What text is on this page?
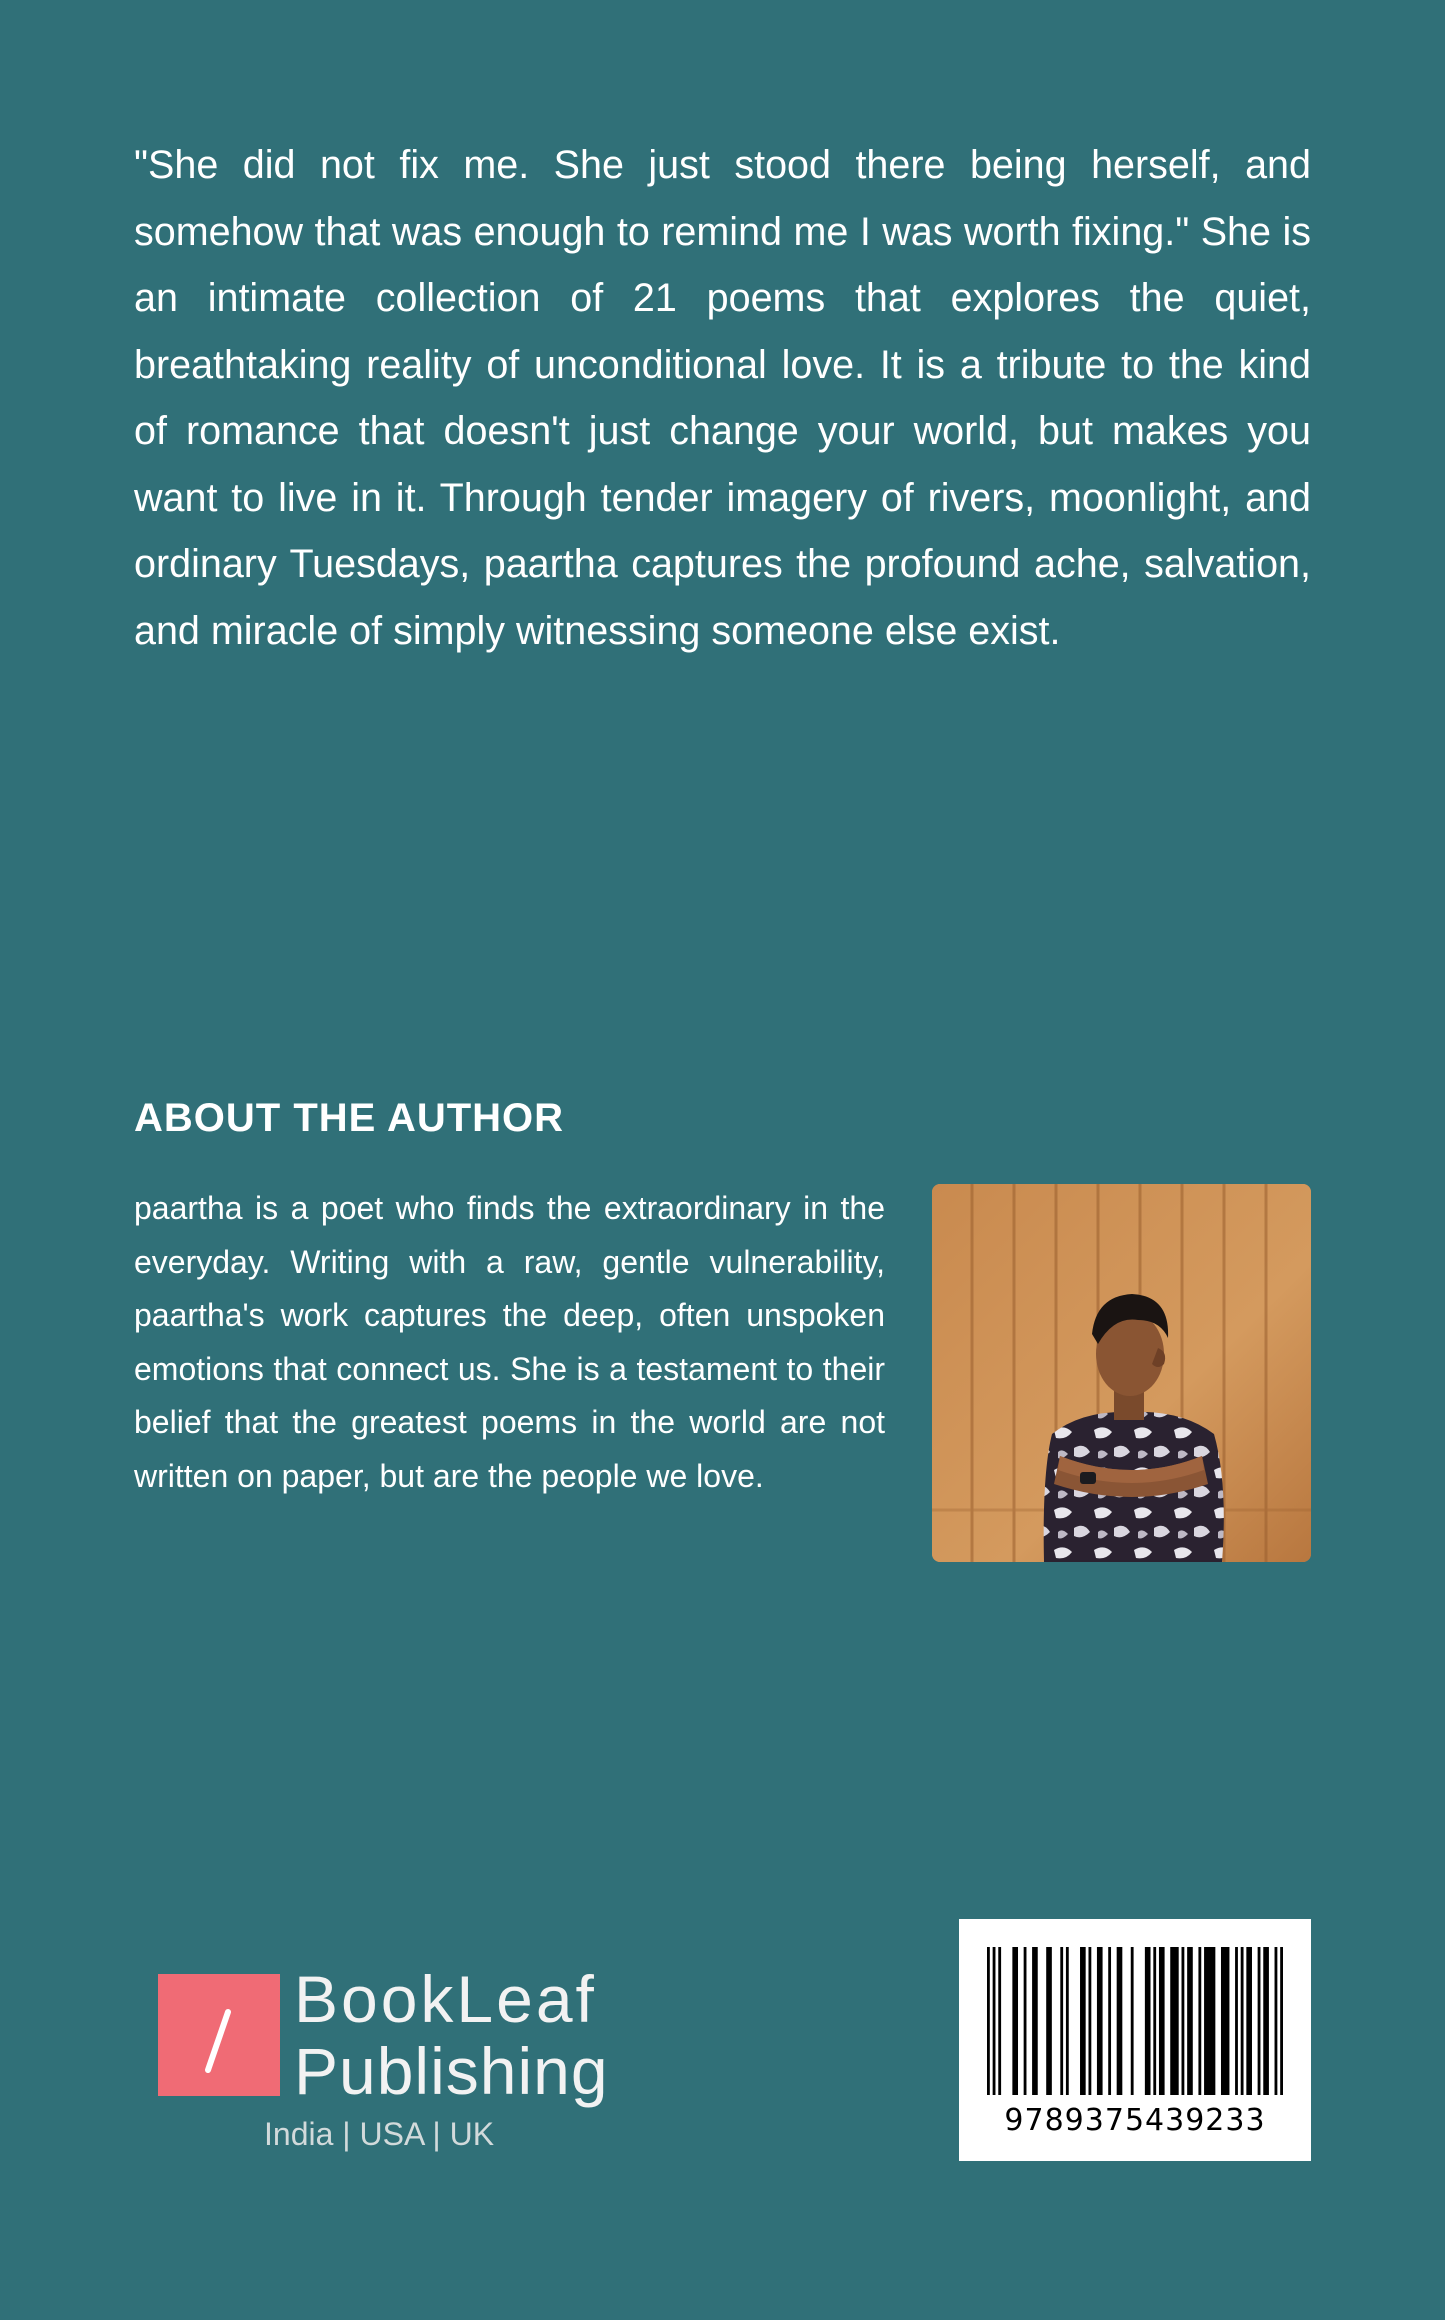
"She did not fix me. She just stood there being herself, and somehow that was enough to remind me I was worth fixing." She is an intimate collection of 21 poems that explores the quiet, breathtaking reality of unconditional love. It is a tribute to the kind of romance that doesn't just change your world, but makes you want to live in it. Through tender imagery of rivers, moonlight, and ordinary Tuesdays, paartha captures the profound ache, salvation, and miracle of simply witnessing someone else exist.

ABOUT THE AUTHOR

paartha is a poet who finds the extraordinary in the everyday. Writing with a raw, gentle vulnerability, paartha's work captures the deep, often unspoken emotions that connect us. She is a testament to their belief that the greatest poems in the world are not written on paper, but are the people we love.

BookLeaf
Publishing
India | USA | UK	9789375439233
